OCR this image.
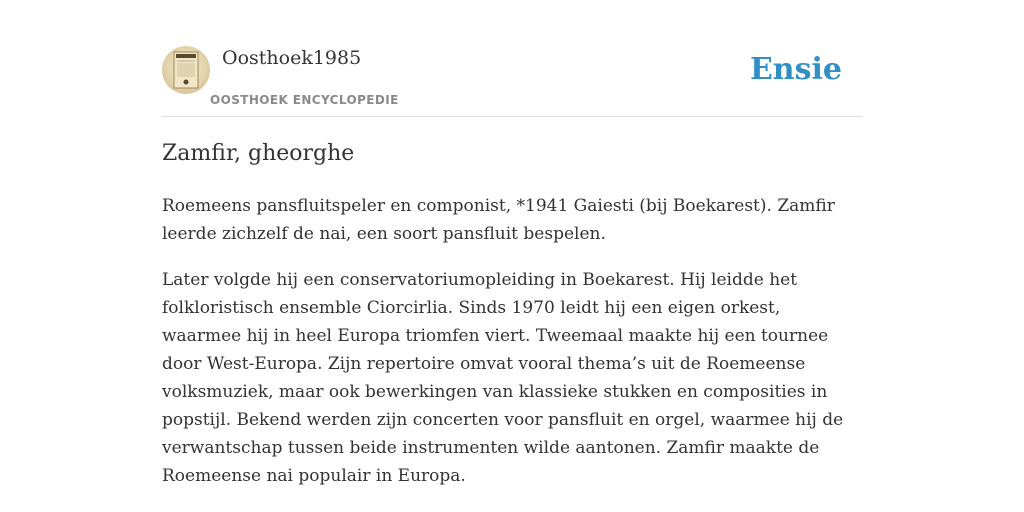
Oosthoek1985
OOSTHOEK ENCYCLOPEDIE
Ensie
Zamfir, gheorghe

Roemeens pansfluitspeler en componist, *1941 Gaiesti (bij Boekarest). Zamfir leerde zichzelf de nai, een soort pansfluit bespelen.

Later volgde hij een conservatoriumopleiding in Boekarest. Hij leidde het folkloristisch ensemble Ciorcirlia. Sinds 1970 leidt hij een eigen orkest, waarmee hij in heel Europa triomfen viert. Tweemaal maakte hij een tournee door West-Europa. Zijn repertoire omvat vooral thema’s uit de Roemeense volksmuziek, maar ook bewerkingen van klassieke stukken en composities in popstijl. Bekend werden zijn concerten voor pansfluit en orgel, waarmee hij de verwantschap tussen beide instrumenten wilde aantonen. Zamfir maakte de Roemeense nai populair in Europa.
